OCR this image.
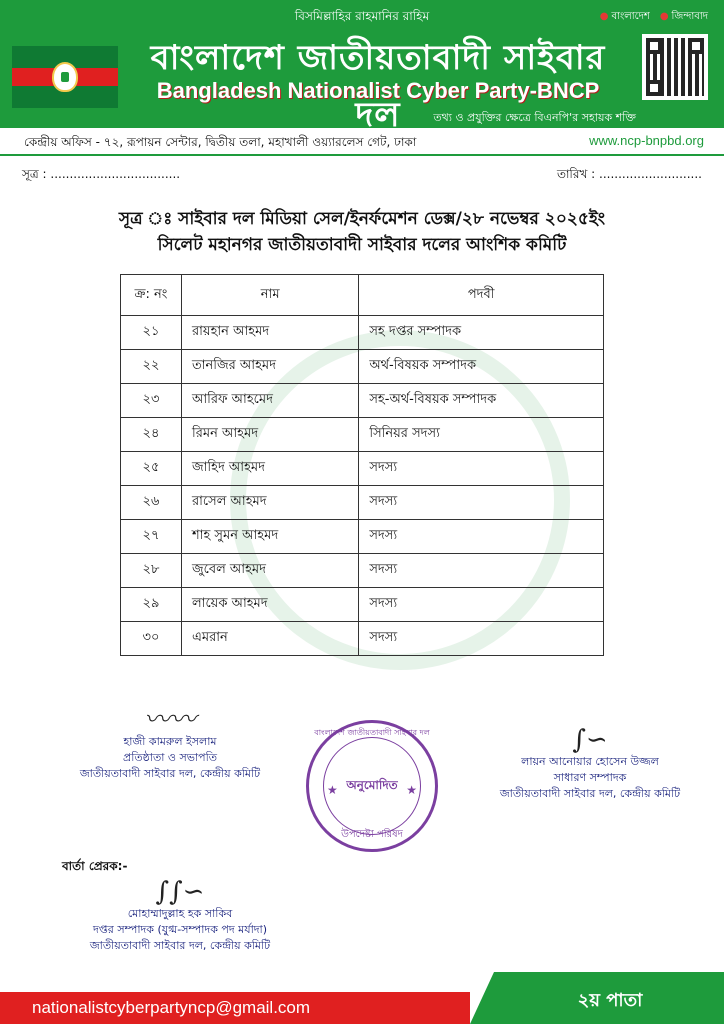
বিসমিল্লাহির রাহমানির রাহিম	● বাংলাদেশ ● জিন্দাবাদ
বাংলাদেশ জাতীয়তাবাদী সাইবার দল
Bangladesh Nationalist Cyber Party-BNCP
তথ্য ও প্রযুক্তির ক্ষেত্রে বিএনপি'র সহায়ক শক্তি
কেন্দ্রীয় অফিস - ৭২, রূপায়ন সেন্টার, দ্বিতীয় তলা, মহাখালী ওয়্যারলেস গেট, ঢাকা	www.ncp-bnpbd.org
সূত্র : ..................................	তারিখ : ...........................
সূত্র ঃ সাইবার দল মিডিয়া সেল/ইনর্ফমেশন ডেক্স/২৮ নভেম্বর ২০২৫ইং
সিলেট মহানগর জাতীয়তাবাদী সাইবার দলের আংশিক কমিটি
ক্র: নং	নাম	পদবী
২১	রায়হান আহমদ	সহ দপ্তর সম্পাদক
২২	তানজির আহমদ	অর্থ-বিষয়ক সম্পাদক
২৩	আরিফ আহমেদ	সহ-অর্থ-বিষয়ক সম্পাদক
২৪	রিমন আহমদ	সিনিয়র সদস্য
২৫	জাহিদ আহমদ	সদস্য
২৬	রাসেল আহমদ	সদস্য
২৭	শাহ সুমন আহমদ	সদস্য
২৮	জুবেল আহমদ	সদস্য
২৯	লায়েক আহমদ	সদস্য
৩০	এমরান	সদস্য
〰〰
হাজী কামরুল ইসলাম
প্রতিষ্ঠাতা ও সভাপতি
জাতীয়তাবাদী সাইবার দল, কেন্দ্রীয় কমিটি
বাংলাদেশ জাতীয়তাবাদী সাইবার দল
অনুমোদিত
উপদেষ্টা পরিষদ
★	★
∫∽
লায়ন আনোয়ার হোসেন উজ্জল
সাধারণ সম্পাদক
জাতীয়তাবাদী সাইবার দল, কেন্দ্রীয় কমিটি
বার্তা প্রেরক:-
∫∫∽
মোহাম্মাদুল্লাহ হক সাকিব
দপ্তর সম্পাদক (যুগ্ম-সম্পাদক পদ মর্যাদা)
জাতীয়তাবাদী সাইবার দল, কেন্দ্রীয় কমিটি
nationalistcyberpartyncp@gmail.com	২য় পাতা
